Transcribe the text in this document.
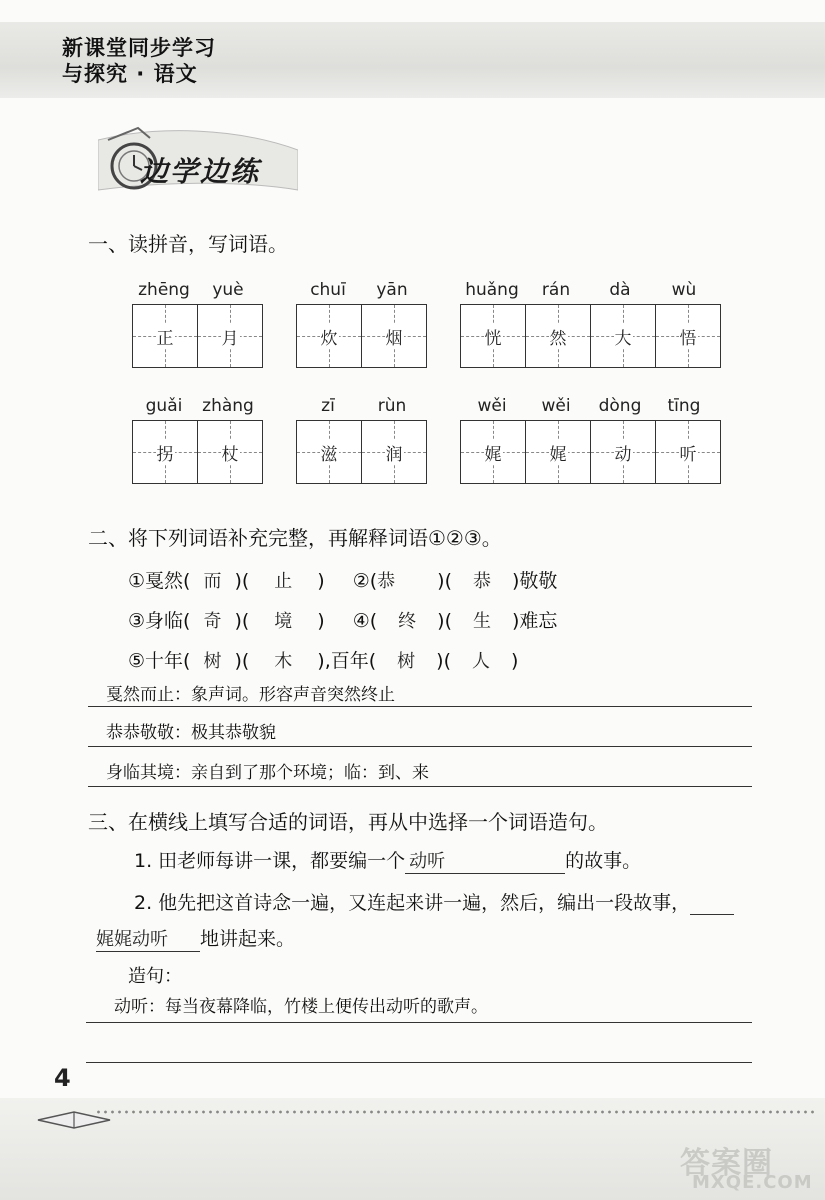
新课堂同步学习
与探究 · 语文
边学边练
一、读拼音，写词语。
二、将下列词语补充完整，再解释词语①②③。
①戛然( 而 )( 止 ) ②(恭 )( 恭 )敬敬
③身临( 奇 )( 境 ) ④( 终 )( 生 )难忘
⑤十年( 树 )( 木 ),百年( 树 )( 人 )
戛然而止：象声词。形容声音突然终止
恭恭敬敬：极其恭敬貌
身临其境：亲自到了那个环境；临：到、来
三、在横线上填写合适的词语，再从中选择一个词语造句。
1. 田老师每讲一课，都要编一个 动听	的故事。
2. 他先把这首诗念一遍，又连起来讲一遍，然后，编出一段故事，
娓娓动听 地讲起来。
造句：
动听：每当夜幕降临，竹楼上便传出动听的歌声。
4
答案圈
MXQE.COM
zhēng	yuè
正	月
chuī	yān
炊	烟
huǎng	rán	dà	wù
恍	然	大	悟
guǎi	zhàng
拐	杖
zī	rùn
滋	润
wěi	wěi	dòng	tīng
娓	娓	动	听
